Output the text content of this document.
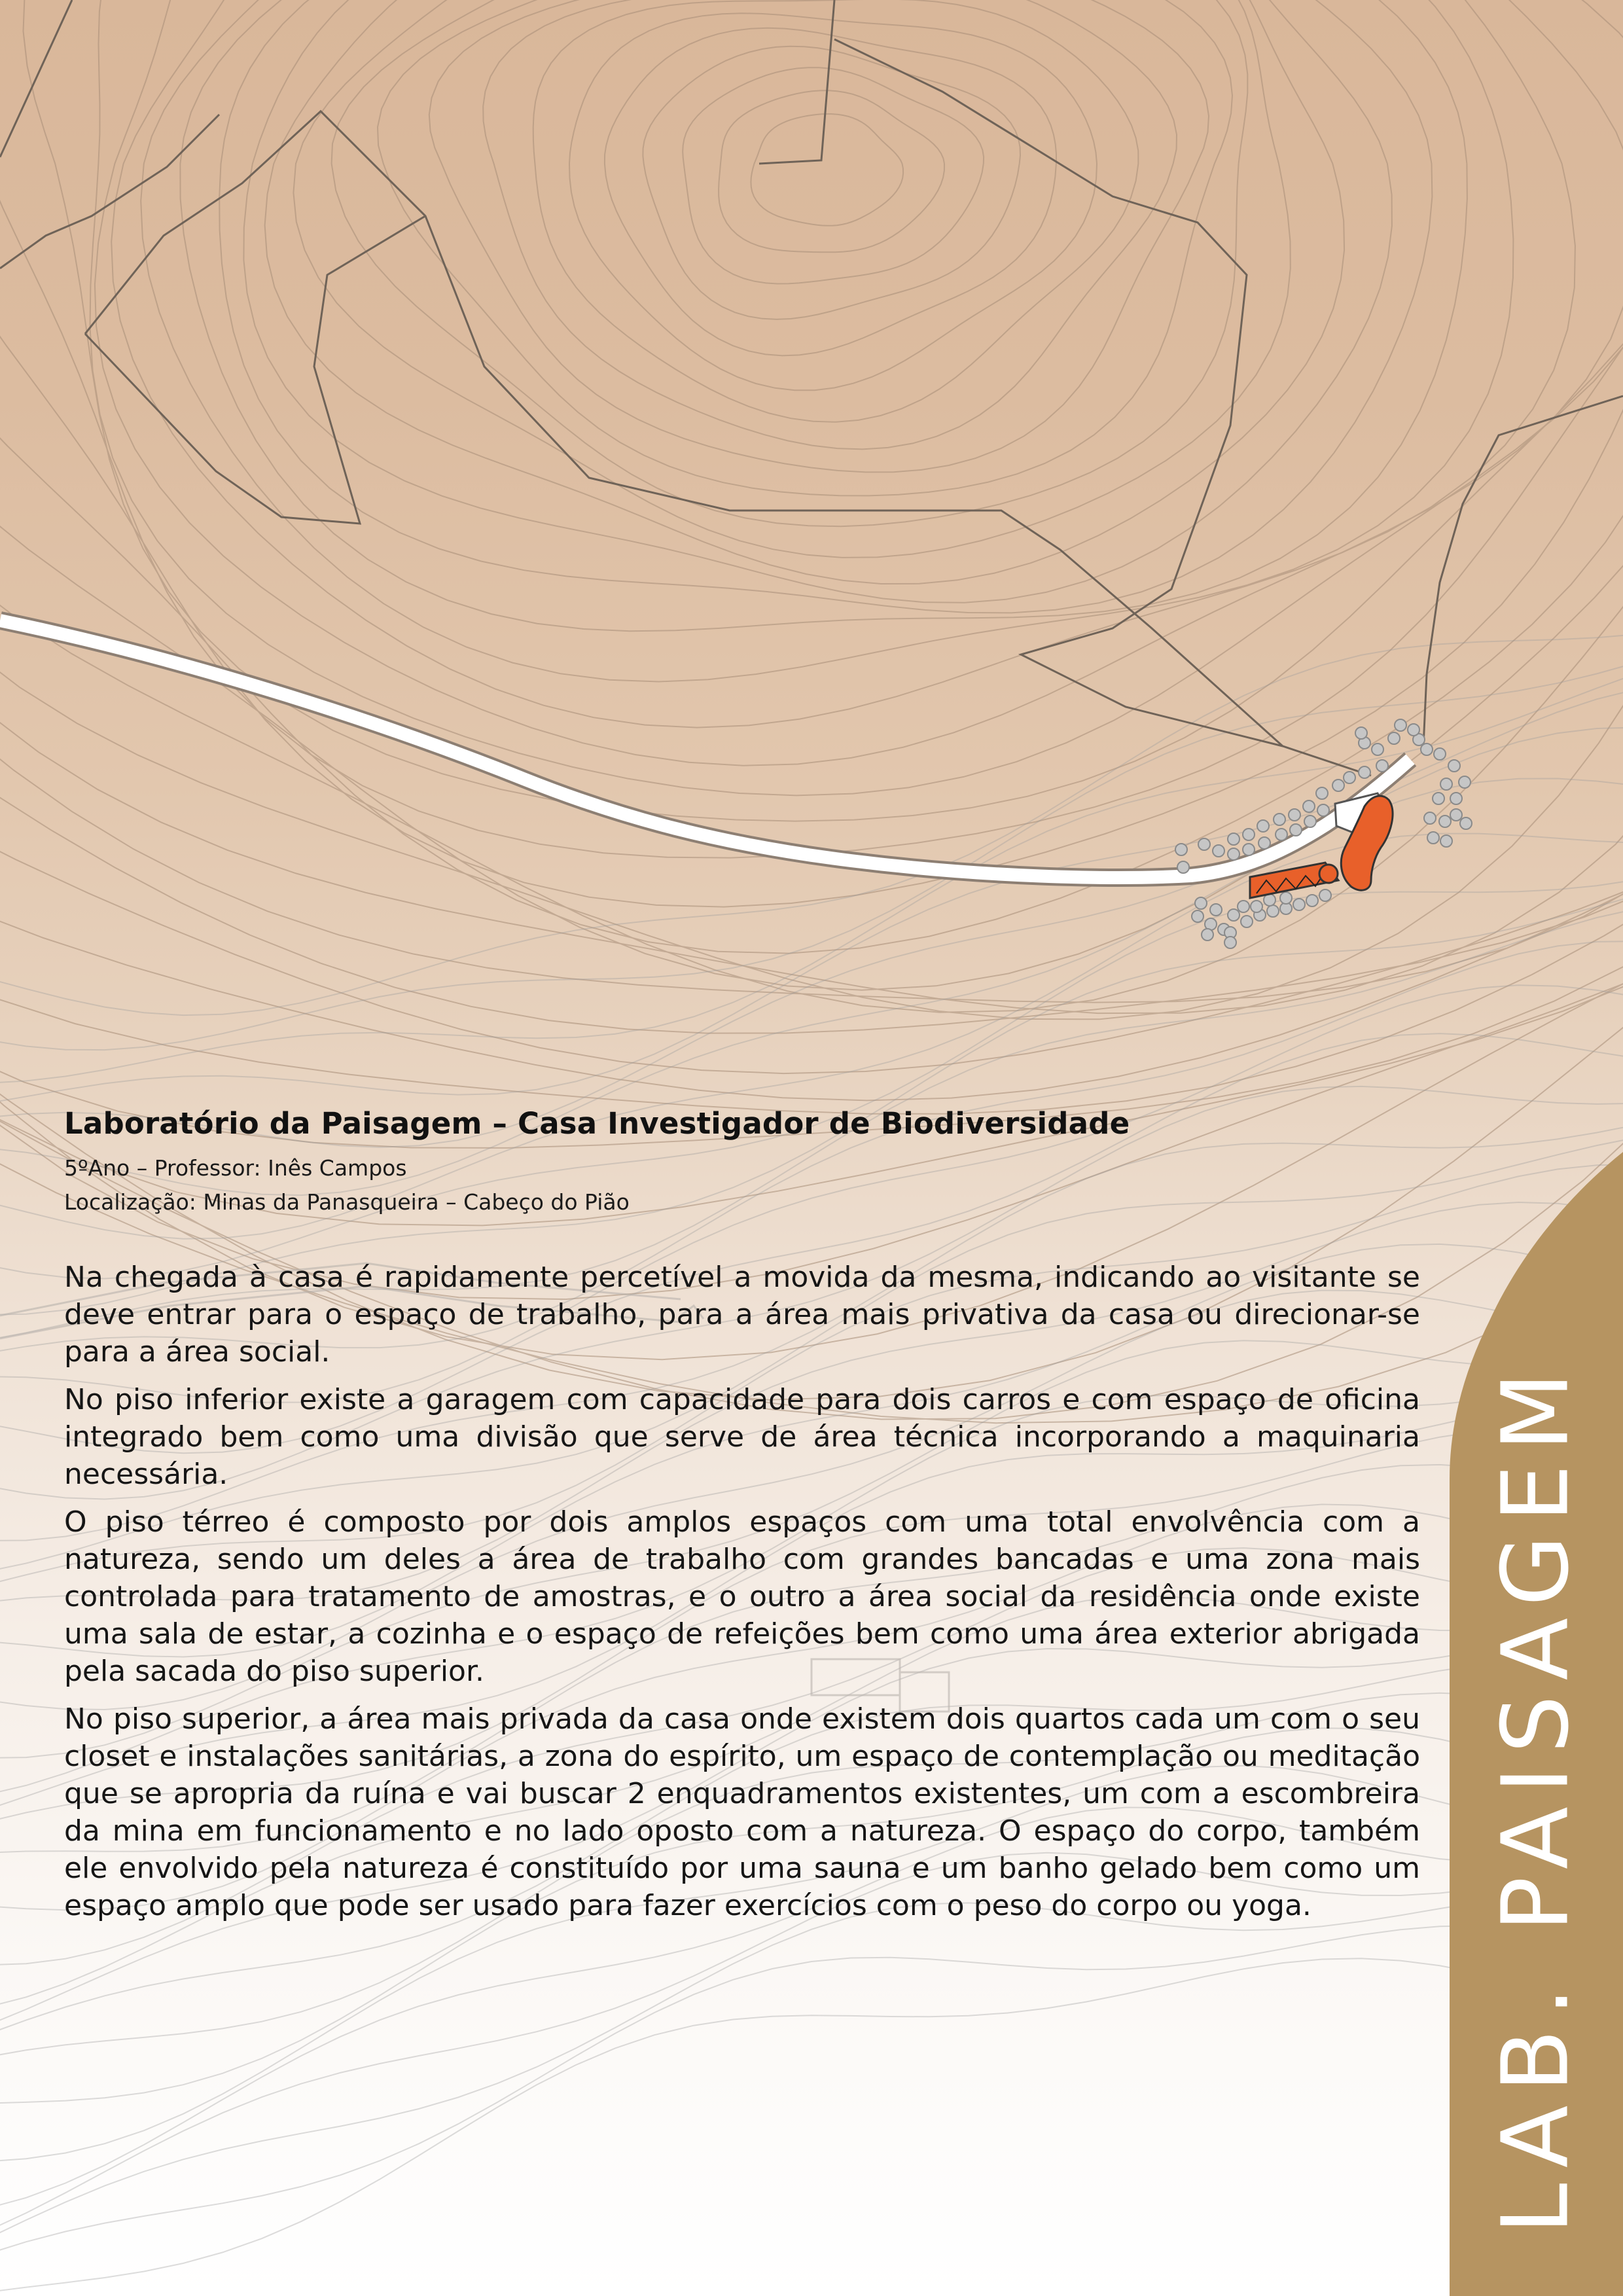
Laboratório da Paisagem – Casa Investigador de Biodiversidade

5ºAno – Professor: Inês Campos

Localização: Minas da Panasqueira – Cabeço do Pião

Na chegada à casa é rapidamente percetível a movida da mesma, indicando ao visitante se deve entrar para o espaço de trabalho, para a área mais privativa da casa ou direcionar-se para a área social.

No piso inferior existe a garagem com capacidade para dois carros e com espaço de oficina integrado bem como uma divisão que serve de área técnica incorporando a maquinaria necessária.

O piso térreo é composto por dois amplos espaços com uma total envolvência com a natureza, sendo um deles a área de trabalho com grandes bancadas e uma zona mais controlada para tratamento de amostras, e o outro a área social da residência onde existe uma sala de estar, a cozinha e o espaço de refeições bem como uma área exterior abrigada pela sacada do piso superior.

No piso superior, a área mais privada da casa onde existem dois quartos cada um com o seu closet e instalações sanitárias, a zona do espírito, um espaço de contemplação ou meditação que se apropria da ruína e vai buscar 2 enquadramentos existentes, um com a escombreira da mina em funcionamento e no lado oposto com a natureza. O espaço do corpo, também ele envolvido pela natureza é constituído por uma sauna e um banho gelado bem como um espaço amplo que pode ser usado para fazer exercícios com o peso do corpo ou yoga.	LAB. PAISAGEM
